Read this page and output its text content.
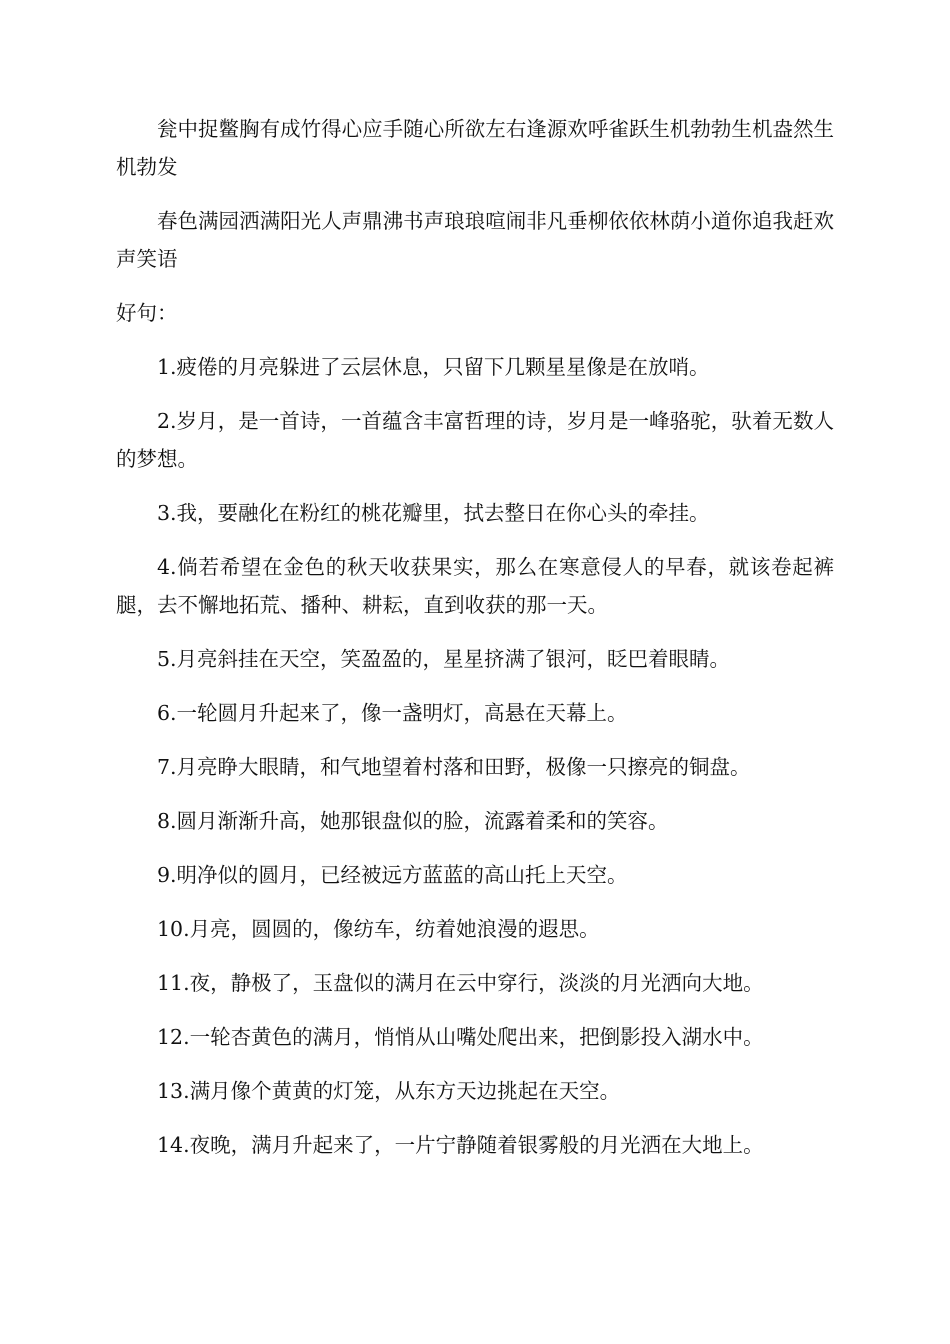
瓮中捉鳖胸有成竹得心应手随心所欲左右逢源欢呼雀跃生机勃勃生机盎然生机勃发

春色满园洒满阳光人声鼎沸书声琅琅喧闹非凡垂柳依依林荫小道你追我赶欢声笑语

好句：

1.疲倦的月亮躲进了云层休息，只留下几颗星星像是在放哨。

2.岁月，是一首诗，一首蕴含丰富哲理的诗，岁月是一峰骆驼，驮着无数人的梦想。

3.我，要融化在粉红的桃花瓣里，拭去整日在你心头的牵挂。

4.倘若希望在金色的秋天收获果实，那么在寒意侵人的早春，就该卷起裤腿，去不懈地拓荒、播种、耕耘，直到收获的那一天。

5.月亮斜挂在天空，笑盈盈的，星星挤满了银河，眨巴着眼睛。

6.一轮圆月升起来了，像一盏明灯，高悬在天幕上。

7.月亮睁大眼睛，和气地望着村落和田野，极像一只擦亮的铜盘。

8.圆月渐渐升高，她那银盘似的脸，流露着柔和的笑容。

9.明净似的圆月，已经被远方蓝蓝的高山托上天空。

10.月亮，圆圆的，像纺车，纺着她浪漫的遐思。

11.夜，静极了，玉盘似的满月在云中穿行，淡淡的月光洒向大地。

12.一轮杏黄色的满月，悄悄从山嘴处爬出来，把倒影投入湖水中。

13.满月像个黄黄的灯笼，从东方天边挑起在天空。

14.夜晚，满月升起来了，一片宁静随着银雾般的月光洒在大地上。
